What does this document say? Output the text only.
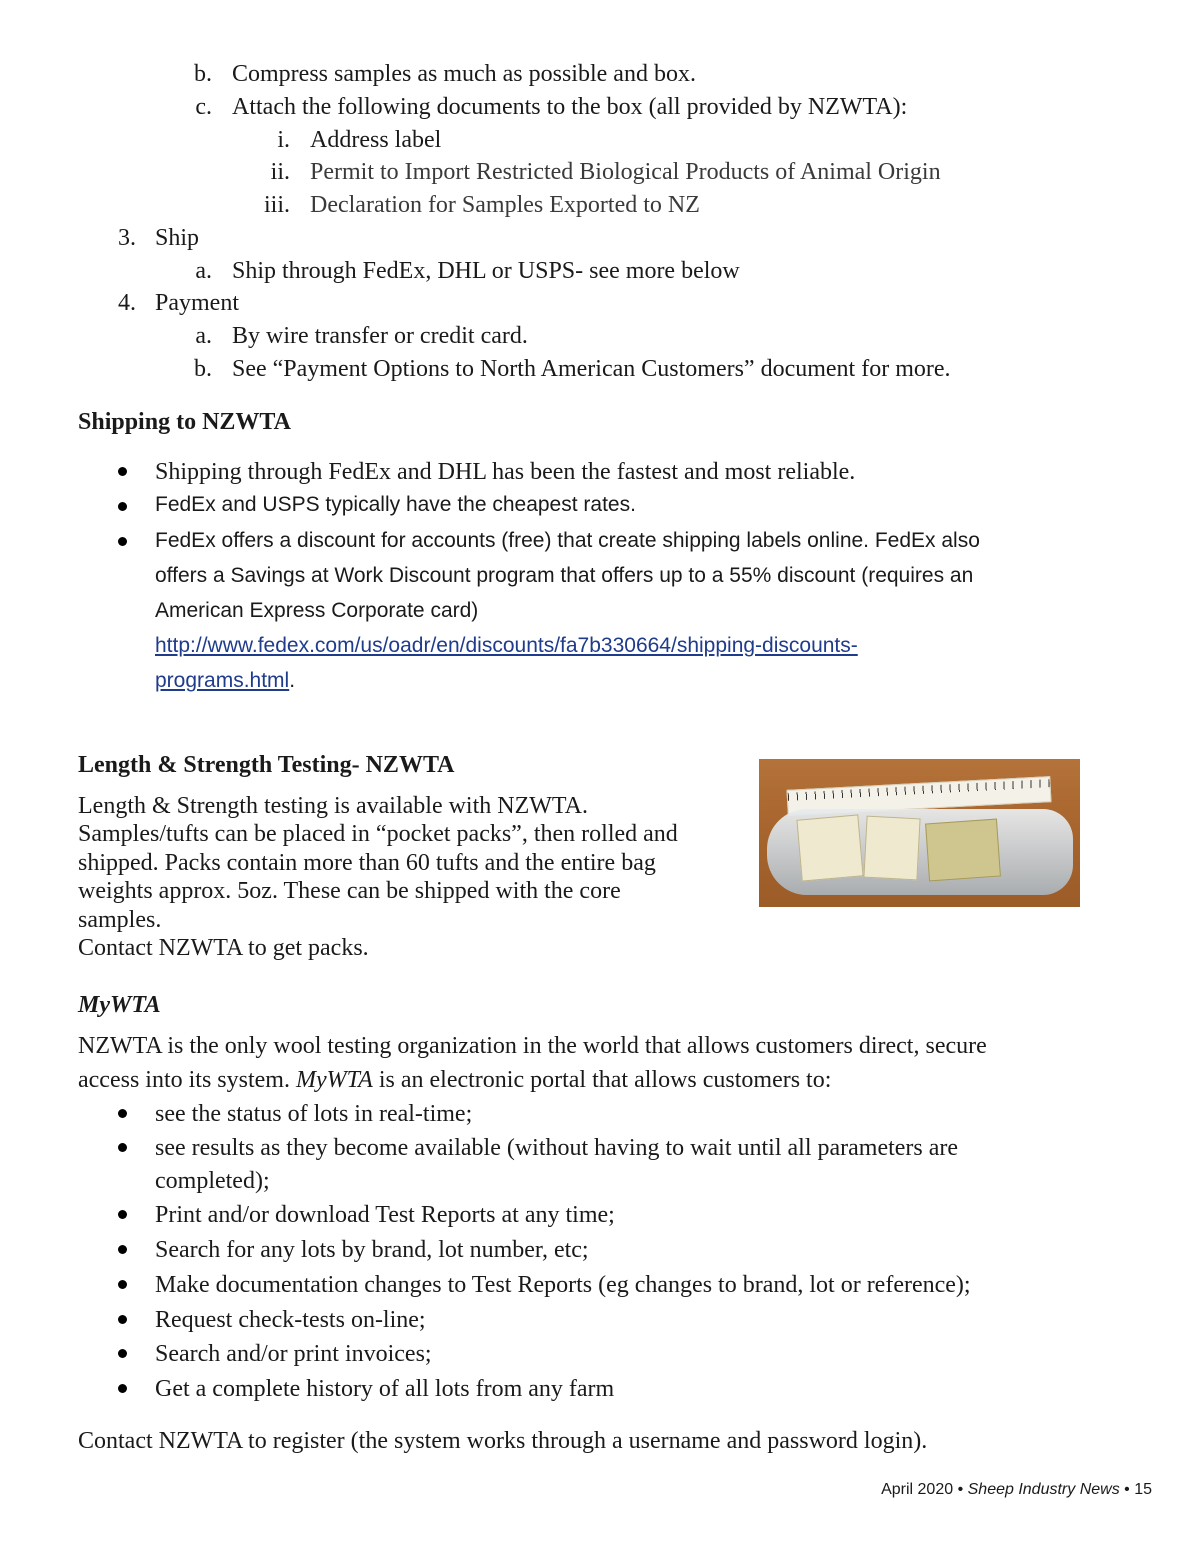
b. Compress samples as much as possible and box.
c. Attach the following documents to the box (all provided by NZWTA):
i. Address label
ii. Permit to Import Restricted Biological Products of Animal Origin
iii. Declaration for Samples Exported to NZ
3. Ship
a. Ship through FedEx, DHL or USPS- see more below
4. Payment
a. By wire transfer or credit card.
b. See “Payment Options to North American Customers” document for more.
Shipping to NZWTA
Shipping through FedEx and DHL has been the fastest and most reliable.
FedEx and USPS typically have the cheapest rates.
FedEx offers a discount for accounts (free) that create shipping labels online. FedEx also
offers a Savings at Work Discount program that offers up to a 55% discount (requires an
American Express Corporate card)
http://www.fedex.com/us/oadr/en/discounts/fa7b330664/shipping-discounts-
programs.html.
Length & Strength Testing- NZWTA
Length & Strength testing is available with NZWTA.
Samples/tufts can be placed in “pocket packs”, then rolled and
shipped. Packs contain more than 60 tufts and the entire bag
weights approx. 5oz. These can be shipped with the core
samples.
Contact NZWTA to get packs.
MyWTA
NZWTA is the only wool testing organization in the world that allows customers direct, secure
access into its system. MyWTA is an electronic portal that allows customers to:
see the status of lots in real-time;
see results as they become available (without having to wait until all parameters are
completed);
Print and/or download Test Reports at any time;
Search for any lots by brand, lot number, etc;
Make documentation changes to Test Reports (eg changes to brand, lot or reference);
Request check-tests on-line;
Search and/or print invoices;
Get a complete history of all lots from any farm
Contact NZWTA to register (the system works through a username and password login).
April 2020 • Sheep Industry News • 15
